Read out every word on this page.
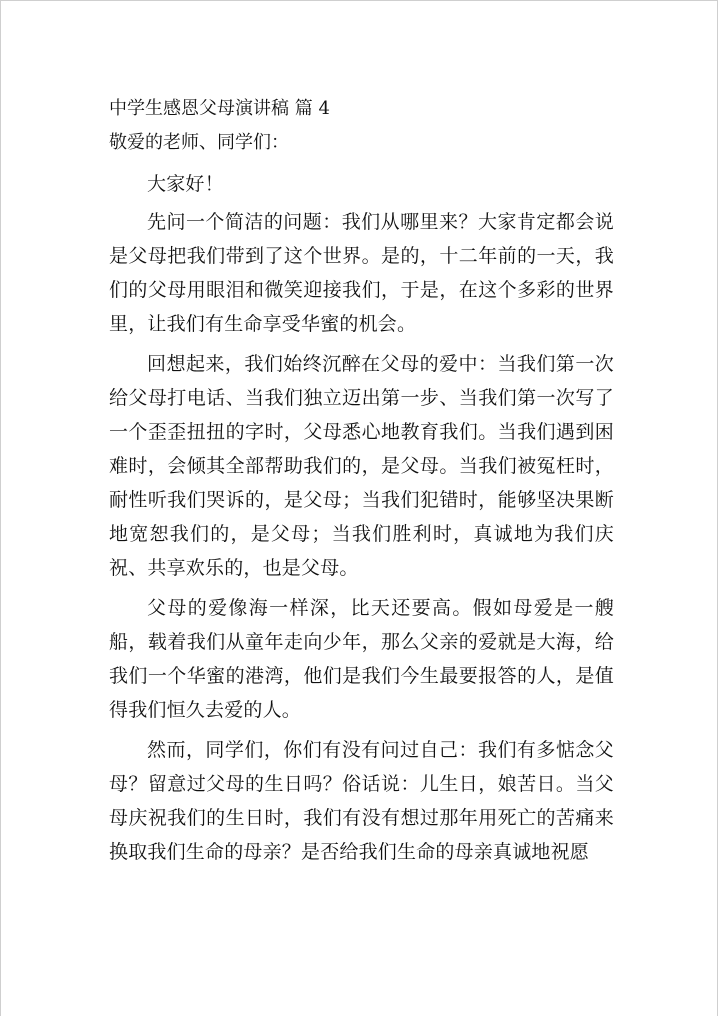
中学生感恩父母演讲稿 篇 4
敬爱的老师、同学们：

大家好！

先问一个简洁的问题：我们从哪里来？大家肯定都会说是父母把我们带到了这个世界。是的，十二年前的一天，我们的父母用眼泪和微笑迎接我们，于是，在这个多彩的世界里，让我们有生命享受华蜜的机会。

回想起来，我们始终沉醉在父母的爱中：当我们第一次给父母打电话、当我们独立迈出第一步、当我们第一次写了一个歪歪扭扭的字时，父母悉心地教育我们。当我们遇到困难时，会倾其全部帮助我们的，是父母。当我们被冤枉时，耐性听我们哭诉的，是父母；当我们犯错时，能够坚决果断地宽恕我们的，是父母；当我们胜利时，真诚地为我们庆祝、共享欢乐的，也是父母。

父母的爱像海一样深，比天还要高。假如母爱是一艘船，载着我们从童年走向少年，那么父亲的爱就是大海，给我们一个华蜜的港湾，他们是我们今生最要报答的人，是值得我们恒久去爱的人。

然而，同学们，你们有没有问过自己：我们有多惦念父母？留意过父母的生日吗？俗话说：儿生日，娘苦日。当父母庆祝我们的生日时，我们有没有想过那年用死亡的苦痛来换取我们生命的母亲？是否给我们生命的母亲真诚地祝愿
